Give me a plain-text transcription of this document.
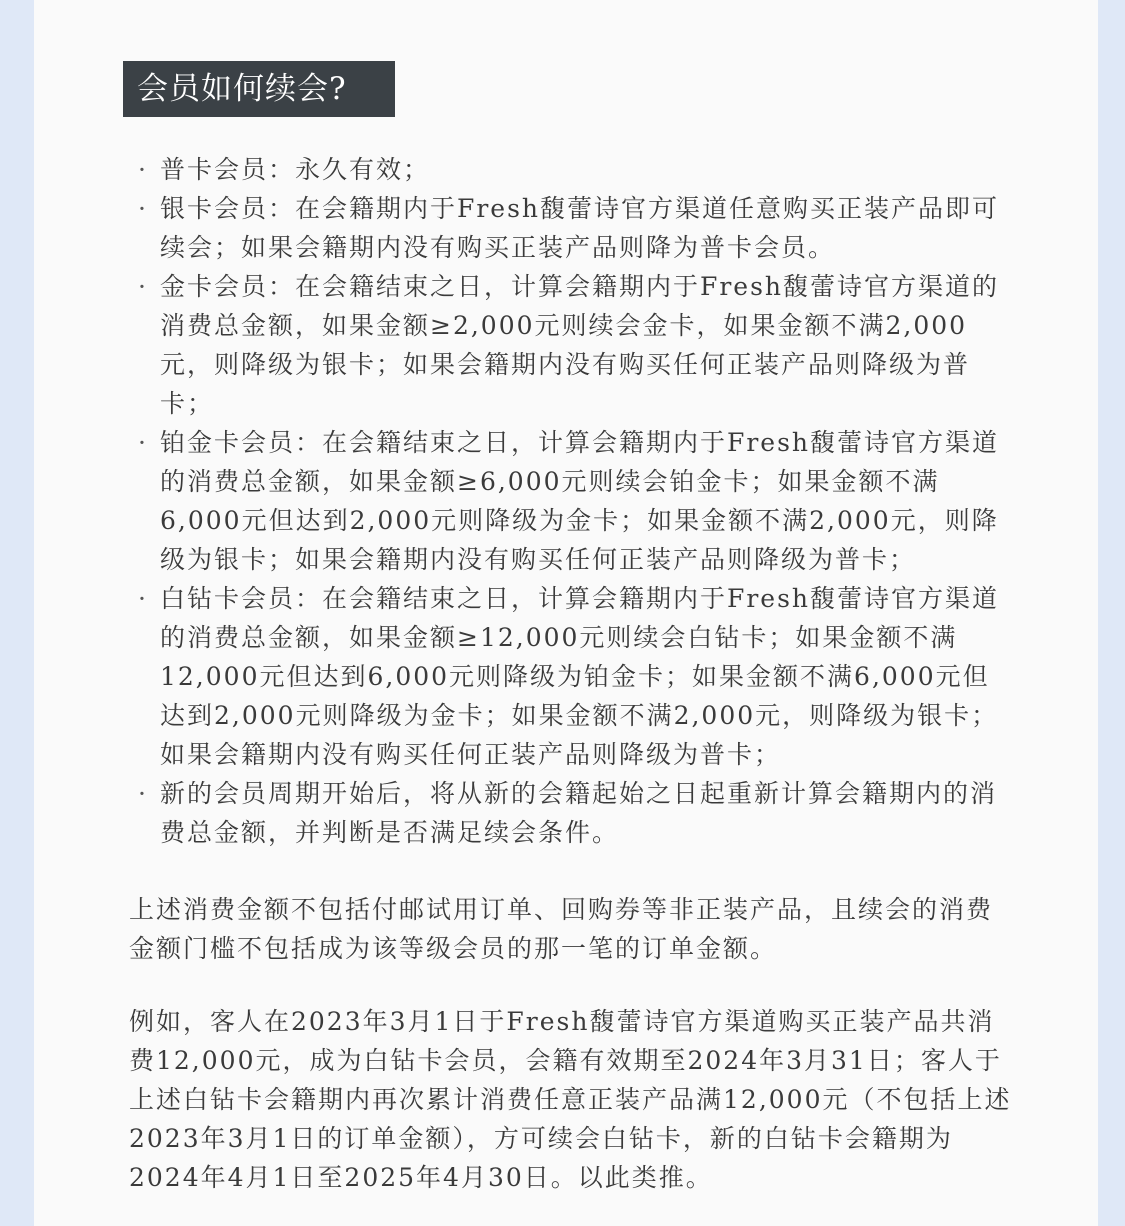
会员如何续会?
· 普卡会员：永久有效；
· 银卡会员：在会籍期内于Fresh馥蕾诗官方渠道任意购买正装产品即可续会；如果会籍期内没有购买正装产品则降为普卡会员。
· 金卡会员：在会籍结束之日，计算会籍期内于Fresh馥蕾诗官方渠道的消费总金额，如果金额≥2,000元则续会金卡，如果金额不满2,000元，则降级为银卡；如果会籍期内没有购买任何正装产品则降级为普卡；
· 铂金卡会员：在会籍结束之日，计算会籍期内于Fresh馥蕾诗官方渠道的消费总金额，如果金额≥6,000元则续会铂金卡；如果金额不满6,000元但达到2,000元则降级为金卡；如果金额不满2,000元，则降级为银卡；如果会籍期内没有购买任何正装产品则降级为普卡；
· 白钻卡会员：在会籍结束之日，计算会籍期内于Fresh馥蕾诗官方渠道的消费总金额，如果金额≥12,000元则续会白钻卡；如果金额不满12,000元但达到6,000元则降级为铂金卡；如果金额不满6,000元但达到2,000元则降级为金卡；如果金额不满2,000元，则降级为银卡；如果会籍期内没有购买任何正装产品则降级为普卡；
· 新的会员周期开始后，将从新的会籍起始之日起重新计算会籍期内的消费总金额，并判断是否满足续会条件。

上述消费金额不包括付邮试用订单、回购券等非正装产品，且续会的消费金额门槛不包括成为该等级会员的那一笔的订单金额。

例如，客人在2023年3月1日于Fresh馥蕾诗官方渠道购买正装产品共消费12,000元，成为白钻卡会员，会籍有效期至2024年3月31日；客人于上述白钻卡会籍期内再次累计消费任意正装产品满12,000元（不包括上述2023年3月1日的订单金额），方可续会白钻卡，新的白钻卡会籍期为2024年4月1日至2025年4月30日。以此类推。
